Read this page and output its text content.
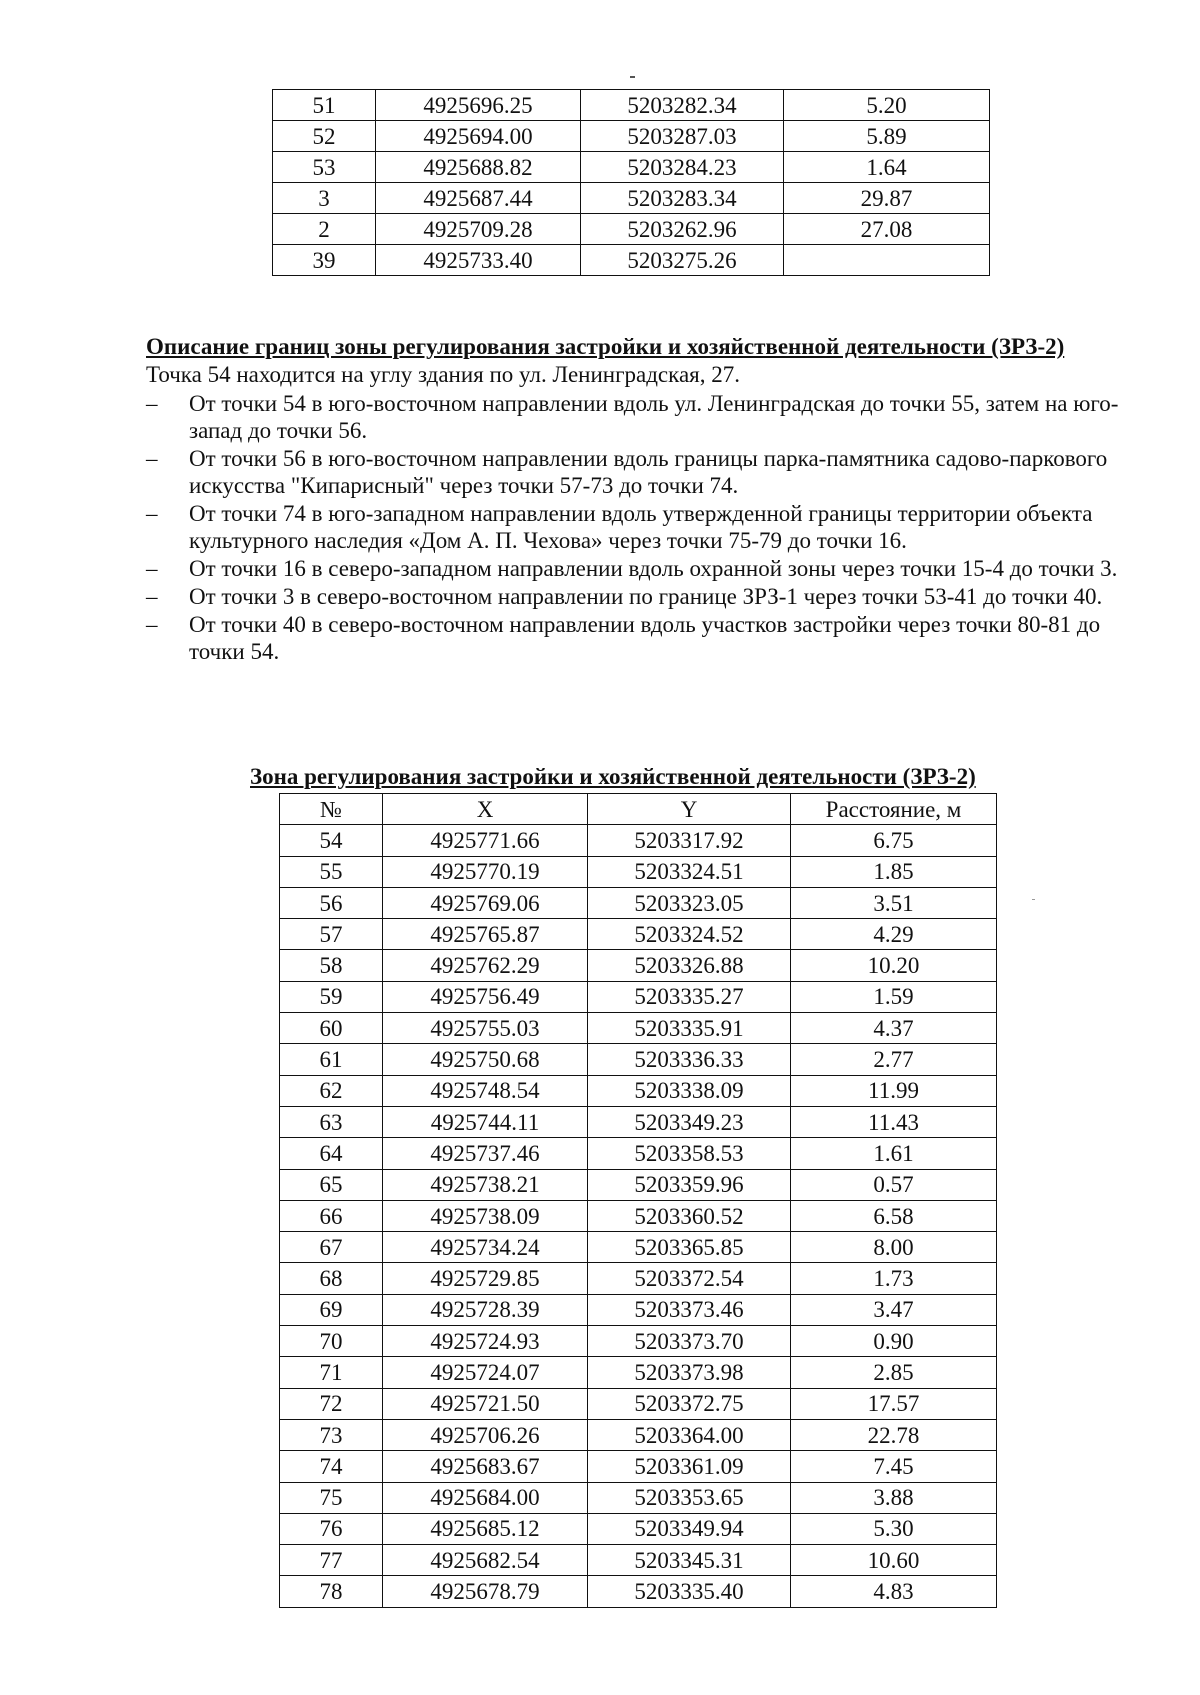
51	4925696.25	5203282.34	5.20
52	4925694.00	5203287.03	5.89
53	4925688.82	5203284.23	1.64
3	4925687.44	5203283.34	29.87
2	4925709.28	5203262.96	27.08
39	4925733.40	5203275.26	
Описание границ зоны регулирования застройки и хозяйственной деятельности (ЗРЗ-2)
Точка 54 находится на углу здания по ул. Ленинградская, 27.
– От точки 54 в юго-восточном направлении вдоль ул. Ленинградская до точки 55, затем на юго-запад до точки 56.
– От точки 56 в юго-восточном направлении вдоль границы парка-памятника садово-паркового искусства "Кипарисный" через точки 57-73 до точки 74.
– От точки 74 в юго-западном направлении вдоль утвержденной границы территории объекта культурного наследия «Дом А. П. Чехова» через точки 75-79 до точки 16.
– От точки 16 в северо-западном направлении вдоль охранной зоны через точки 15-4 до точки 3.
– От точки 3 в северо-восточном направлении по границе ЗРЗ-1 через точки 53-41 до точки 40.
– От точки 40 в северо-восточном направлении вдоль участков застройки через точки 80-81 до точки 54.
Зона регулирования застройки и хозяйственной деятельности (ЗРЗ-2)
№	X	Y	Расстояние, м
54	4925771.66	5203317.92	6.75
55	4925770.19	5203324.51	1.85
56	4925769.06	5203323.05	3.51
57	4925765.87	5203324.52	4.29
58	4925762.29	5203326.88	10.20
59	4925756.49	5203335.27	1.59
60	4925755.03	5203335.91	4.37
61	4925750.68	5203336.33	2.77
62	4925748.54	5203338.09	11.99
63	4925744.11	5203349.23	11.43
64	4925737.46	5203358.53	1.61
65	4925738.21	5203359.96	0.57
66	4925738.09	5203360.52	6.58
67	4925734.24	5203365.85	8.00
68	4925729.85	5203372.54	1.73
69	4925728.39	5203373.46	3.47
70	4925724.93	5203373.70	0.90
71	4925724.07	5203373.98	2.85
72	4925721.50	5203372.75	17.57
73	4925706.26	5203364.00	22.78
74	4925683.67	5203361.09	7.45
75	4925684.00	5203353.65	3.88
76	4925685.12	5203349.94	5.30
77	4925682.54	5203345.31	10.60
78	4925678.79	5203335.40	4.83
